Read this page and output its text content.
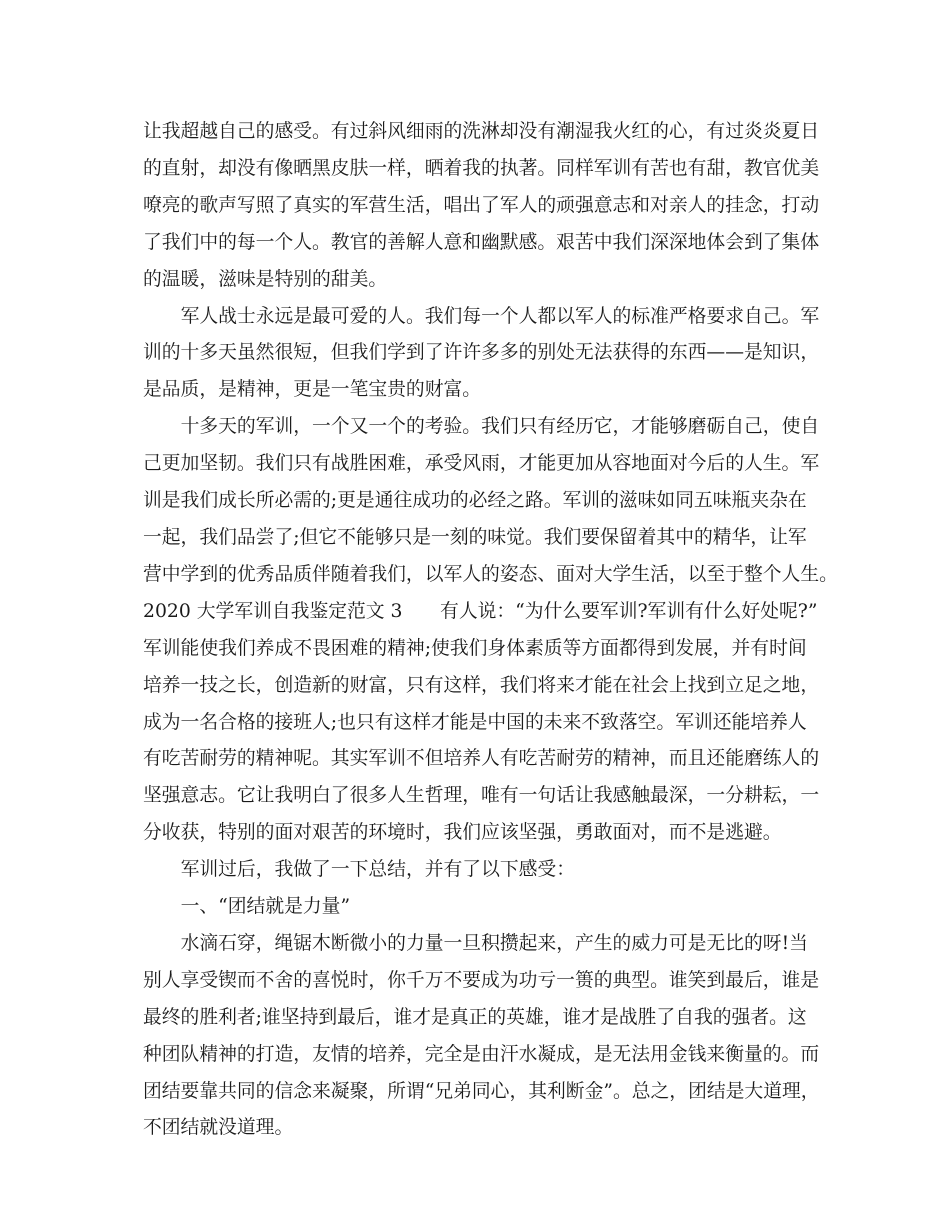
让我超越自己的感受。有过斜风细雨的洗淋却没有潮湿我火红的心，有过炎炎夏日
的直射，却没有像晒黑皮肤一样，晒着我的执著。同样军训有苦也有甜，教官优美
嘹亮的歌声写照了真实的军营生活，唱出了军人的顽强意志和对亲人的挂念，打动
了我们中的每一个人。教官的善解人意和幽默感。艰苦中我们深深地体会到了集体
的温暖，滋味是特别的甜美。
军人战士永远是最可爱的人。我们每一个人都以军人的标准严格要求自己。军
训的十多天虽然很短，但我们学到了许许多多的别处无法获得的东西——是知识，
是品质，是精神，更是一笔宝贵的财富。
十多天的军训，一个又一个的考验。我们只有经历它，才能够磨砺自己，使自
己更加坚韧。我们只有战胜困难，承受风雨，才能更加从容地面对今后的人生。军
训是我们成长所必需的;更是通往成功的必经之路。军训的滋味如同五味瓶夹杂在
一起，我们品尝了;但它不能够只是一刻的味觉。我们要保留着其中的精华，让军
营中学到的优秀品质伴随着我们，以军人的姿态、面对大学生活，以至于整个人生。
2020 大学军训自我鉴定范文 3　　有人说：“为什么要军训?军训有什么好处呢?”
军训能使我们养成不畏困难的精神;使我们身体素质等方面都得到发展，并有时间
培养一技之长，创造新的财富，只有这样，我们将来才能在社会上找到立足之地，
成为一名合格的接班人;也只有这样才能是中国的未来不致落空。军训还能培养人
有吃苦耐劳的精神呢。其实军训不但培养人有吃苦耐劳的精神，而且还能磨练人的
坚强意志。它让我明白了很多人生哲理，唯有一句话让我感触最深，一分耕耘，一
分收获，特别的面对艰苦的环境时，我们应该坚强，勇敢面对，而不是逃避。
军训过后，我做了一下总结，并有了以下感受：
一、“团结就是力量”
水滴石穿，绳锯木断微小的力量一旦积攒起来，产生的威力可是无比的呀!当
别人享受锲而不舍的喜悦时，你千万不要成为功亏一篑的典型。谁笑到最后，谁是
最终的胜利者;谁坚持到最后，谁才是真正的英雄，谁才是战胜了自我的强者。这
种团队精神的打造，友情的培养，完全是由汗水凝成，是无法用金钱来衡量的。而
团结要靠共同的信念来凝聚，所谓“兄弟同心，其利断金”。总之，团结是大道理，
不团结就没道理。
